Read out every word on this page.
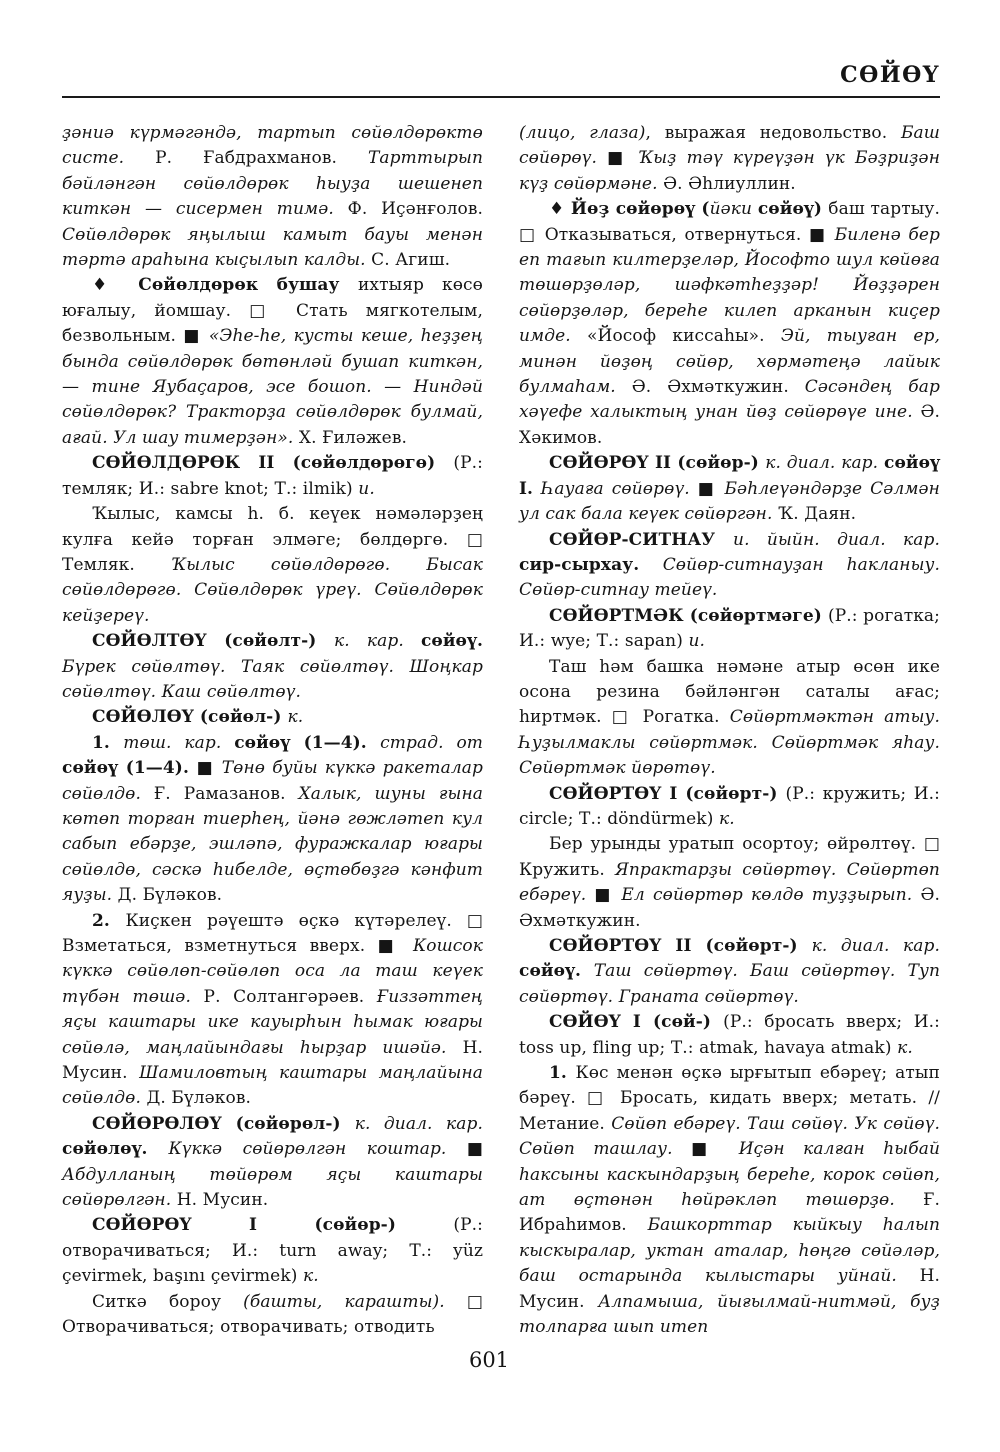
СӨЙӨҮ

ҙәниә күрмәгәндә, тартып сөйөлдөрөктө систе. Р. Ғабдрахманов. Тарттырып бәйләнгән сөйөлдөрөк һыуҙа шешенеп киткән — сисермен тимә. Ф. Иҫәнғолов. Сөйөлдөрөк яңылыш камыт бауы менән тәртә араһына кыҫылып калды. С. Агиш.

♦ Сөйөлдөрөк бушау ихтыяр көсө юғалыу, йомшау. □ Стать мягкотелым, безвольным. ■ «Эһе-һе, кусты кеше, һеҙҙең бында сөйөлдөрөк бөтөнләй бушап киткән, — тине Яубаҫаров, эсе бошоп. — Ниндәй сөйөлдөрөк? Тракторҙа сөйөлдөрөк булмай, ағай. Ул шау тимерҙән». Х. Ғиләжев.

СӨЙӨЛДӨРӨК II (сөйөлдөрөгө) (Р.: темляк; И.: sabre knot; Т.: ilmik) и.

Ҡылыс, камсы һ. б. кеүек нәмәләрҙең кулға кейә торған элмәге; бөлдөргө. □ Темляк. Ҡылыс сөйөлдөрөгө. Бысак сөйөлдөрөгө. Сөйөлдөрөк үреү. Сөйөлдөрөк кейҙереү.

СӨЙӨЛТӨҮ (сөйөлт-) к. кар. сөйөү. Бүрек сөйөлтөү. Таяк сөйөлтөү. Шоңкар сөйөлтөү. Каш сөйөлтөү.

СӨЙӨЛӨҮ (сөйөл-) к.

1. төш. кар. сөйөү (1—4). страд. от сөйөү (1—4). ■ Төнө буйы күккә ракеталар сөйөлдө. Ғ. Рамазанов. Халык, шуны ғына көтөп торған тиерһең, йәнә гөжләтеп кул сабып ебәрҙе, эшләпә, фуражкалар юғары сөйөлдө, сәскә һибелде, өҫтөбөҙгә кәнфит яуҙы. Д. Бүләков.

2. Киҫкен рәүештә өҫкә күтәрелеү. □ Взметаться, взметнуться вверх. ■ Кошсок күккә сөйөлөп-сөйөлөп оса ла таш кеүек түбән төшә. Р. Солтангәрәев. Ғиззәттең яҫы каштары ике кауырһын һымак юғары сөйөлә, маңлайындағы һырҙар ишәйә. Н. Мусин. Шамиловтың каштары маңлайына сөйөлдө. Д. Бүләков.

СӨЙӨРӨЛӨҮ (сөйөрөл-) к. диал. кар. сөйөлөү. Күккә сөйөрөлгән коштар. ■ Абдулланың төйөрөм яҫы каштары сөйөрөлгән. Н. Мусин.

СӨЙӨРӨҮ I (сөйөр-) (Р.: отворачиваться; И.: turn away; Т.: yüz çevirmek, başını çevirmek) к.

Ситкә бороу (башты, карашты). □ Отворачиваться; отворачивать; отводить

(лицо, глаза), выражая недовольство. Баш сөйөрөү. ■ Ҡыҙ тәү күреүҙән үк Бәҙриҙән күҙ сөйөрмәне. Ә. Әһлиуллин.

♦ Йөҙ сөйөрөү (йәки сөйөү) баш тартыу. □ Отказываться, отвернуться. ■ Биленә бер еп тағып килтерҙеләр, Йософто шул көйөға төшөрҙөләр, шәфкәтһеҙҙәр! Йөҙҙәрен сөйөрҙөләр, береһе килеп арканын киҫер имде. «Йософ киссаһы». Эй, тыуған ер, минән йөҙөң сөйөр, хөрмәтеңә лайык булмаһам. Ә. Әхмәткужин. Сәсәндең бар хәүефе халыктың унан йөҙ сөйөрөүе ине. Ә. Хәкимов.

СӨЙӨРӨҮ II (сөйөр-) к. диал. кар. сөйөү I. Һауаға сөйөрөү. ■ Бәһлеүәндәрҙе Сәлмән ул сак бала кеүек сөйөргән. Ҡ. Даян.

СӨЙӨР-СИТНАУ и. йыйн. диал. кар. сир-сырхау. Сөйөр-ситнауҙан һакланыу. Сөйөр-ситнау тейеү.

СӨЙӨРТМӘК (сөйөртмәге) (Р.: рогатка; И.: wye; Т.: sapan) и.

Таш һәм башка нәмәне атыр өсөн ике осона резина бәйләнгән саталы ағас; һиртмәк. □ Рогатка. Сөйөртмәктән атыу. Һуҙылмаклы сөйөртмәк. Сөйөртмәк яһау. Сөйөртмәк йөрөтөү.

СӨЙӨРТӨҮ I (сөйөрт-) (Р.: кружить; И.: circle; Т.: döndürmek) к.

Бер урынды уратып осортоу; өйрөлтөү. □ Кружить. Япрактарҙы сөйөртөү. Сөйөртөп ебәреү. ■ Ел сөйөртөр көлдө туҙҙырып. Ә. Әхмәткужин.

СӨЙӨРТӨҮ II (сөйөрт-) к. диал. кар. сөйөү. Таш сөйөртөү. Баш сөйөртөү. Туп сөйөртөү. Граната сөйөртөү.

СӨЙӨҮ I (сөй-) (Р.: бросать вверх; И.: toss up, fling up; Т.: atmak, havaya atmak) к.

1. Көс менән өҫкә ырғытып ебәреү; атып бәреү. □ Бросать, кидать вверх; метать. // Метание. Сөйөп ебәреү. Таш сөйөү. Ук сөйөү. Сөйөп ташлау. ■ Иҫән калған һыбай һаксыны каскындарҙың береһе, корок сөйөп, ат өҫтөнән һөйрәкләп төшөрҙө. Ғ. Ибраһимов. Башкорттар кыйкыу һалып кыскыралар, уктан аталар, һөңгө сөйәләр, баш остарында кылыстары уйнай. Н. Мусин. Алпамыша, йығылмай-нитмәй, буҙ толпарға шып итеп

601
